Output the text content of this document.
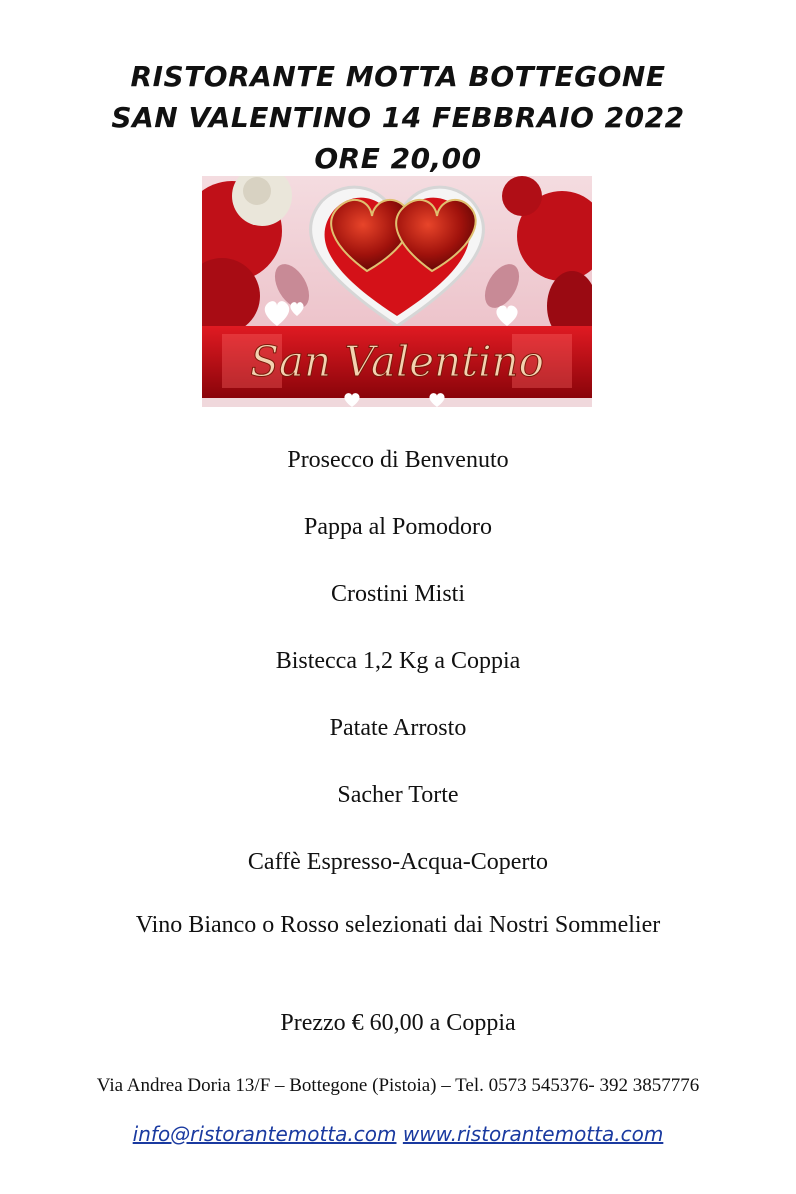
RISTORANTE MOTTA BOTTEGONE
SAN VALENTINO 14 FEBBRAIO 2022
ORE 20,00
San Valentino
Prosecco di Benvenuto
Pappa al Pomodoro
Crostini Misti
Bistecca 1,2 Kg a Coppia
Patate Arrosto
Sacher Torte
Caffè Espresso-Acqua-Coperto
Vino Bianco o Rosso selezionati dai Nostri Sommelier
Prezzo € 60,00 a Coppia
Via Andrea Doria 13/F – Bottegone (Pistoia) – Tel. 0573 545376- 392 3857776
info@ristorantemotta.com www.ristorantemotta.com
